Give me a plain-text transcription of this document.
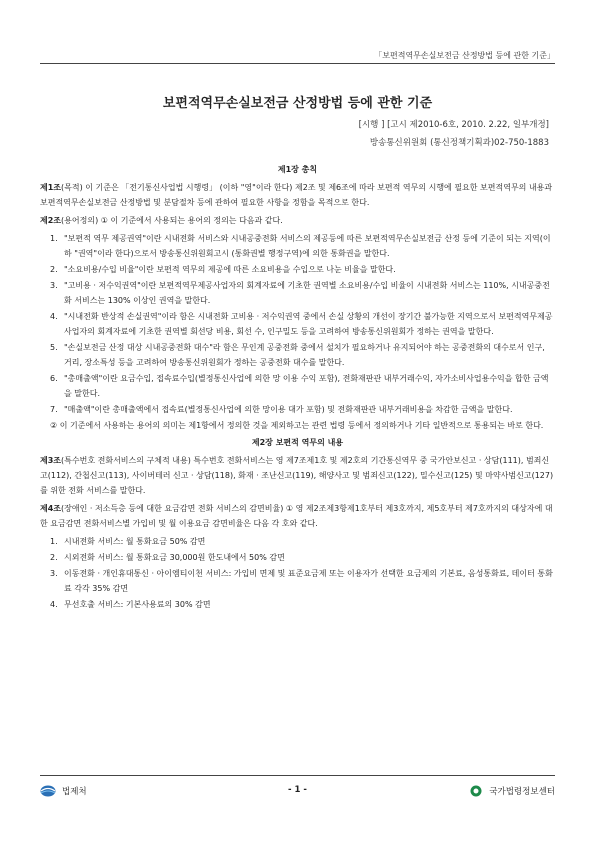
「보편적역무손실보전금 산정방법 등에 관한 기준」
보편적역무손실보전금 산정방법 등에 관한 기준
[시행 ] [고시 제2010-6호, 2010. 2.22, 일부개정]
방송통신위원회 (통신정책기획과)02-750-1883
제1장 총칙
제1조(목적) 이 기준은 「전기통신사업법 시행령」 (이하 "영"이라 한다) 제2조 및 제6조에 따라 보편적 역무의 시행에 필요한 보편적역무의 내용과 보편적역무손실보전금 산정방법 및 분담절차 등에 관하여 필요한 사항을 정함을 목적으로 한다.
제2조(용어정의) ① 이 기준에서 사용되는 용어의 정의는 다음과 같다.
1. "보편적 역무 제공권역"이란 시내전화 서비스와 시내공중전화 서비스의 제공등에 따른 보편적역무손실보전금 산정 등에 기준이 되는 지역(이하 "권역"이라 한다)으로서 방송통신위원회고시 (통화권별 행정구역)에 의한 통화권을 말한다.
2. "소요비용/수입 비율"이란 보편적 역무의 제공에 따른 소요비용을 수입으로 나눈 비율을 말한다.
3. "고비용 · 저수익권역"이란 보편적역무제공사업자의 회계자료에 기초한 권역별 소요비용/수입 비율이 시내전화 서비스는 110%, 시내공중전화 서비스는 130% 이상인 권역을 말한다.
4. "시내전화 반상적 손실권역"이라 함은 시내전화 고비용 · 저수익권역 중에서 손실 상황의 개선이 장기간 불가능한 지역으로서 보편적역무제공사업자의 회계자료에 기초한 권역별 회선당 비용, 회선 수, 인구밀도 등을 고려하여 방송통신위원회가 정하는 권역을 말한다.
5. "손실보전금 산정 대상 시내공중전화 대수"라 함은 무인계 공중전화 중에서 설치가 필요하거나 유지되어야 하는 공중전화의 대수로서 인구, 거리, 장소특성 등을 고려하여 방송통신위원회가 정하는 공중전화 대수를 말한다.
6. "총매출액"이란 요금수입, 접속료수입(별정통신사업에 의한 망 이용 수익 포함), 전화재판관 내부거래수익, 자가소비사업용수익을 합한 금액을 말한다.
7. "매출액"이란 총매출액에서 접속료(별정통신사업에 의한 망이용 대가 포함) 및 전화재판관 내부거래비용을 차감한 금액을 말한다.
② 이 기준에서 사용하는 용어의 의미는 제1항에서 정의한 것을 제외하고는 관련 법령 등에서 정의하거나 기타 일반적으로 통용되는 바로 한다.
제2장 보편적 역무의 내용
제3조(특수번호 전화서비스의 구체적 내용) 특수번호 전화서비스는 영 제7조제1호 및 제2호의 기간통신역무 중 국가안보신고 · 상담(111), 범죄신고(112), 간첩신고(113), 사이버테러 신고 · 상담(118), 화재 · 조난신고(119), 해양사고 및 범죄신고(122), 밀수신고(125) 및 마약사범신고(127)를 위한 전화 서비스를 말한다.
제4조(장애인 · 저소득층 등에 대한 요금감면 전화 서비스의 감면비율) ① 영 제2조제3항제1호부터 제3호까지, 제5호부터 제7호까지의 대상자에 대한 요금감면 전화서비스별 가입비 및 월 이용요금 감면비율은 다음 각 호와 같다.
1. 시내전화 서비스: 월 통화요금 50% 감면
2. 시외전화 서비스: 월 통화요금 30,000원 한도내에서 50% 감면
3. 이동전화 · 개인휴대통신 · 아이엠티이천 서비스: 가입비 면제 및 표준요금제 또는 이용자가 선택한 요금제의 기본료, 음성통화료, 데이터 통화료 각각 35% 감면
4. 무선호출 서비스: 기본사용료의 30% 감면
법제처	- 1 -	국가법령정보센터
